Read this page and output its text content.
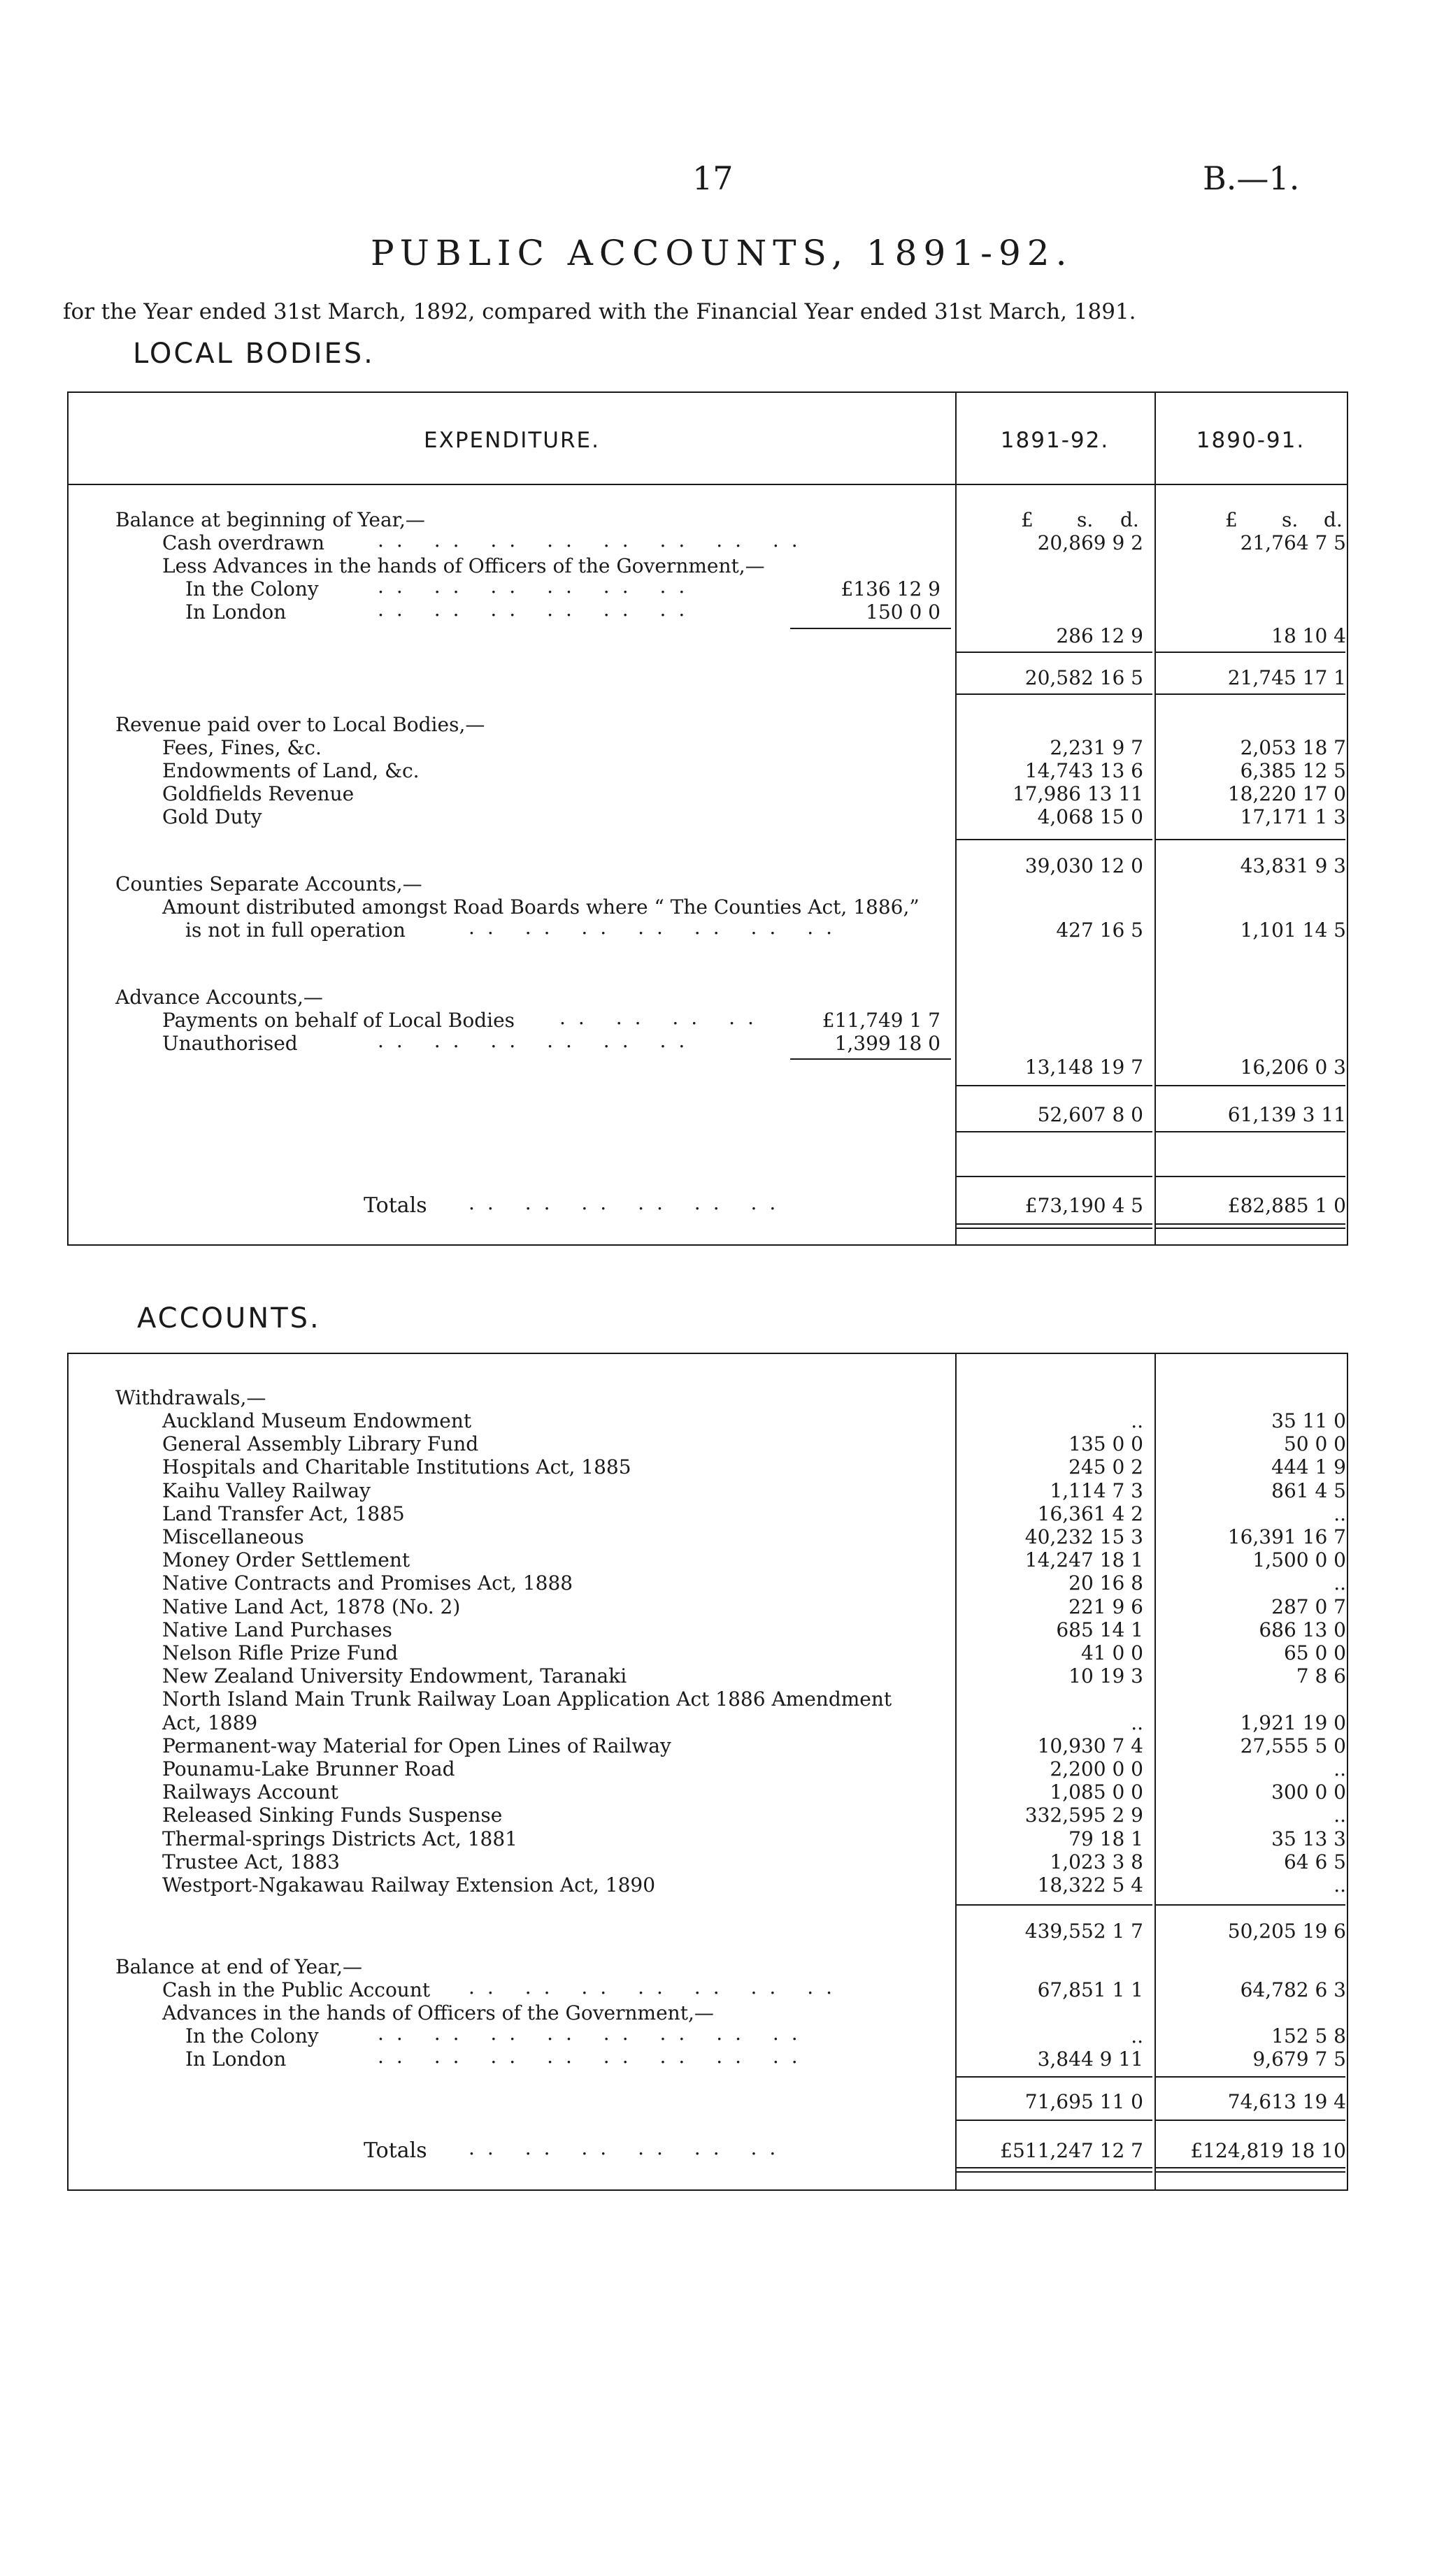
17	B.—1.
PUBLIC ACCOUNTS, 1891-92.
for the Year ended 31st March, 1892, compared with the Financial Year ended 31st March, 1891.
LOCAL BODIES.
EXPENDITURE.	1891-92.	1890-91.
£ s. d.	£ s. d.
Balance at beginning of Year,—
Cash overdrawn	.. .. .. .. .. .. .. ..	20,869 9 2	21,764 7 5
Less Advances in the hands of Officers of the Government,—
In the Colony	.. .. .. .. .. ..	£136 12 9
In London	.. .. .. .. .. ..	150 0 0
286 12 9	18 10 4
20,582 16 5	21,745 17 1
Revenue paid over to Local Bodies,—
Fees, Fines, &c.	2,231 9 7	2,053 18 7
Endowments of Land, &c.	14,743 13 6	6,385 12 5
Goldfields Revenue	17,986 13 11	18,220 17 0
Gold Duty	4,068 15 0	17,171 1 3
39,030 12 0	43,831 9 3
Counties Separate Accounts,—
Amount distributed amongst Road Boards where “ The Counties Act, 1886,”
is not in full operation	.. .. .. .. .. .. ..	427 16 5	1,101 14 5
Advance Accounts,—
Payments on behalf of Local Bodies .. .. .. ..	£11,749 1 7
Unauthorised	.. .. .. .. .. ..	1,399 18 0
13,148 19 7	16,206 0 3
52,607 8 0	61,139 3 11
Totals .. .. .. .. .. ..	£73,190 4 5	£82,885 1 0
ACCOUNTS.
Withdrawals,—
Auckland Museum Endowment	..	35 11 0
General Assembly Library Fund	135 0 0	50 0 0
Hospitals and Charitable Institutions Act, 1885	245 0 2	444 1 9
Kaihu Valley Railway	1,114 7 3	861 4 5
Land Transfer Act, 1885	16,361 4 2	..
Miscellaneous	40,232 15 3	16,391 16 7
Money Order Settlement	14,247 18 1	1,500 0 0
Native Contracts and Promises Act, 1888	20 16 8	..
Native Land Act, 1878 (No. 2)	221 9 6	287 0 7
Native Land Purchases	685 14 1	686 13 0
Nelson Rifle Prize Fund	41 0 0	65 0 0
New Zealand University Endowment, Taranaki	10 19 3	7 8 6
North Island Main Trunk Railway Loan Application Act 1886 Amendment
Act, 1889	..	1,921 19 0
Permanent-way Material for Open Lines of Railway	10,930 7 4	27,555 5 0
Pounamu-Lake Brunner Road	2,200 0 0	..
Railways Account	1,085 0 0	300 0 0
Released Sinking Funds Suspense	332,595 2 9	..
Thermal-springs Districts Act, 1881	79 18 1	35 13 3
Trustee Act, 1883	1,023 3 8	64 6 5
Westport-Ngakawau Railway Extension Act, 1890	18,322 5 4	..
439,552 1 7	50,205 19 6
Balance at end of Year,—
Cash in the Public Account .. .. .. .. .. .. ..	67,851 1 1	64,782 6 3
Advances in the hands of Officers of the Government,—
In the Colony	.. .. .. .. .. .. .. ..	..	152 5 8
In London	.. .. .. .. .. .. .. ..	3,844 9 11	9,679 7 5
71,695 11 0	74,613 19 4
Totals .. .. .. .. .. ..	£511,247 12 7 £124,819 18 10
